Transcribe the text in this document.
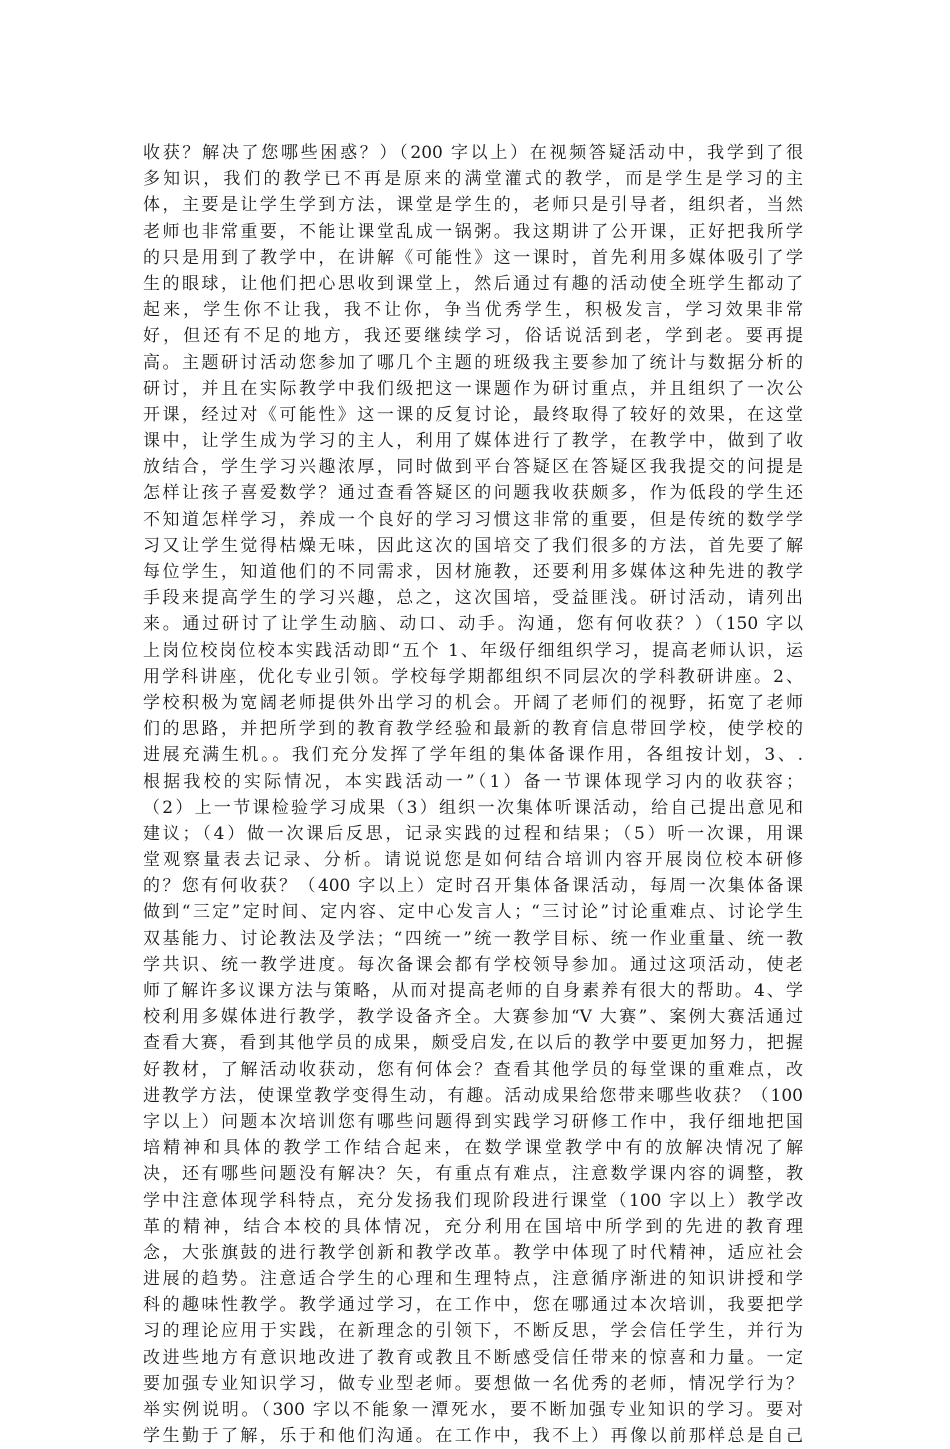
收获？解决了您哪些困惑？）（200 字以上）在视频答疑活动中，我学到了很
多知识，我们的教学已不再是原来的满堂灌式的教学，而是学生是学习的主
体，主要是让学生学到方法，课堂是学生的，老师只是引导者，组织者，当然
老师也非常重要，不能让课堂乱成一锅粥。我这期讲了公开课，正好把我所学
的只是用到了教学中，在讲解《可能性》这一课时，首先利用多媒体吸引了学
生的眼球，让他们把心思收到课堂上，然后通过有趣的活动使全班学生都动了
起来，学生你不让我，我不让你，争当优秀学生，积极发言，学习效果非常
好，但还有不足的地方，我还要继续学习，俗话说活到老，学到老。要再提
高。主题研讨活动您参加了哪几个主题的班级我主要参加了统计与数据分析的
研讨，并且在实际教学中我们级把这一课题作为研讨重点，并且组织了一次公
开课，经过对《可能性》这一课的反复讨论，最终取得了较好的效果，在这堂
课中，让学生成为学习的主人，利用了媒体进行了教学，在教学中，做到了收
放结合，学生学习兴趣浓厚，同时做到平台答疑区在答疑区我我提交的问提是
怎样让孩子喜爱数学？通过查看答疑区的问题我收获颇多，作为低段的学生还
不知道怎样学习，养成一个良好的学习习惯这非常的重要，但是传统的数学学
习又让学生觉得枯燥无味，因此这次的国培交了我们很多的方法，首先要了解
每位学生，知道他们的不同需求，因材施教，还要利用多媒体这种先进的教学
手段来提高学生的学习兴趣，总之，这次国培，受益匪浅。研讨活动，请列出
来。通过研讨了让学生动脑、动口、动手。沟通，您有何收获？）（150 字以
上岗位校岗位校本实践活动即“五个 1、年级仔细组织学习，提高老师认识，运
用学科讲座，优化专业引领。学校每学期都组织不同层次的学科教研讲座。2、
学校积极为宽阔老师提供外出学习的机会。开阔了老师们的视野，拓宽了老师
们的思路，并把所学到的教育教学经验和最新的教育信息带回学校，使学校的
进展充满生机。。我们充分发挥了学年组的集体备课作用，各组按计划，3、.
根据我校的实际情况，本实践活动一”（1）备一节课体现学习内的收获容；
（2）上一节课检验学习成果（3）组织一次集体听课活动，给自己提出意见和
建议；（4）做一次课后反思，记录实践的过程和结果；（5）听一次课，用课
堂观察量表去记录、分析。请说说您是如何结合培训内容开展岗位校本研修
的？您有何收获？（400 字以上）定时召开集体备课活动，每周一次集体备课
做到“三定”定时间、定内容、定中心发言人；“三讨论”讨论重难点、讨论学生
双基能力、讨论教法及学法；“四统一”统一教学目标、统一作业重量、统一教
学共识、统一教学进度。每次备课会都有学校领导参加。通过这项活动，使老
师了解许多议课方法与策略，从而对提高老师的自身素养有很大的帮助。4、学
校利用多媒体进行教学，教学设备齐全。大赛参加“V 大赛”、案例大赛活通过
查看大赛，看到其他学员的成果，颇受启发,在以后的教学中要更加努力，把握
好教材，了解活动收获动，您有何体会？查看其他学员的每堂课的重难点，改
进教学方法，使课堂教学变得生动，有趣。活动成果给您带来哪些收获？（100
字以上）问题本次培训您有哪些问题得到实践学习研修工作中，我仔细地把国
培精神和具体的教学工作结合起来，在数学课堂教学中有的放解决情况了解
决，还有哪些问题没有解决？矢，有重点有难点，注意数学课内容的调整，教
学中注意体现学科特点，充分发扬我们现阶段进行课堂（100 字以上）教学改
革的精神，结合本校的具体情况，充分利用在国培中所学到的先进的教育理
念，大张旗鼓的进行教学创新和教学改革。教学中体现了时代精神，适应社会
进展的趋势。注意适合学生的心理和生理特点，注意循序渐进的知识讲授和学
科的趣味性教学。教学通过学习，在工作中，您在哪通过本次培训，我要把学
习的理论应用于实践，在新理念的引领下，不断反思，学会信任学生，并行为
改进些地方有意识地改进了教育或教且不断感受信任带来的惊喜和力量。一定
要加强专业知识学习，做专业型老师。要想做一名优秀的老师，情况学行为？
举实例说明。（300 字以不能象一潭死水，要不断加强专业知识的学习。要对
学生勤于了解，乐于和他们沟通。在工作中，我不上）再像以前那样总是自己
